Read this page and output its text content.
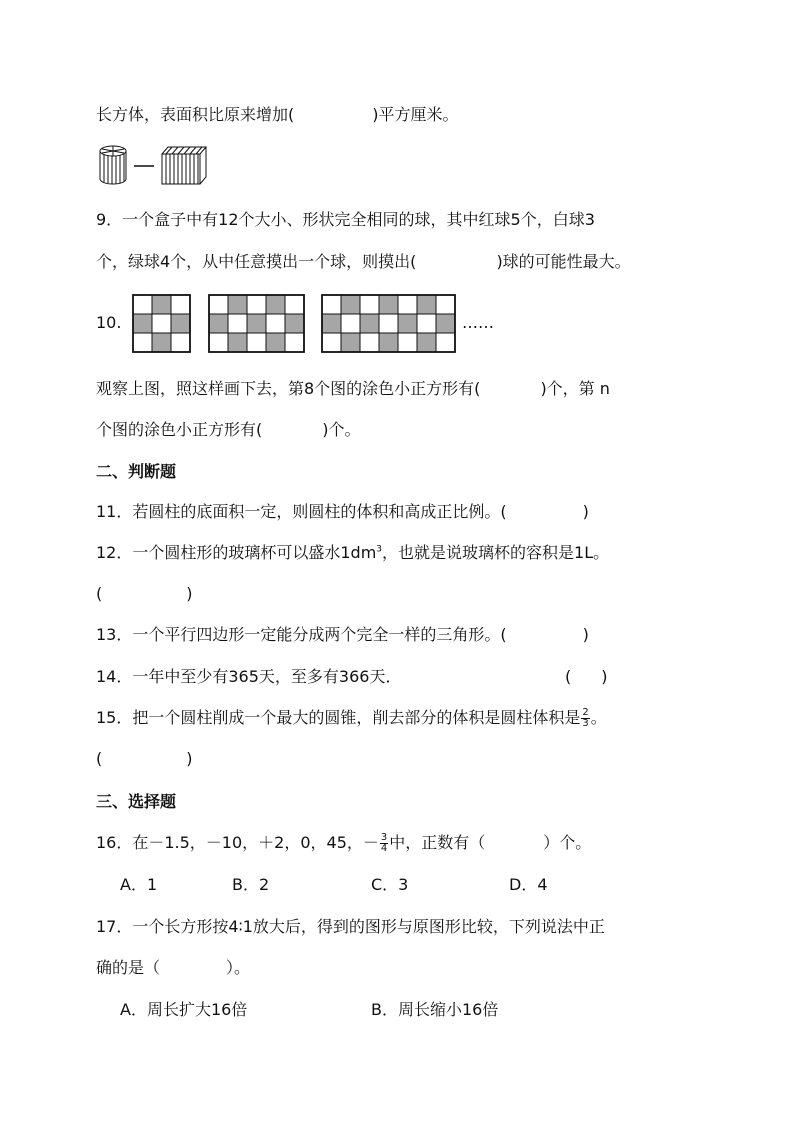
长方体，表面积比原来增加(	)平方厘米。
9．一个盒子中有12个大小、形状完全相同的球，其中红球5个，白球3
个，绿球4个，从中任意摸出一个球，则摸出(	)球的可能性最大。
10.	……
观察上图，照这样画下去，第8个图的涂色小正方形有(	)个，第 n
个图的涂色小正方形有(	)个。
二、判断题
11．若圆柱的底面积一定，则圆柱的体积和高成正比例。(	)
12．一个圆柱形的玻璃杯可以盛水$1dm^3$，也就是说玻璃杯的容积是1L。
(	)
13．一个平行四边形一定能分成两个完全一样的三角形。(	)
14．一年中至少有365天，至多有366天．	( )
15．把一个圆柱削成一个最大的圆锥，削去部分的体积是圆柱体积是 $\frac{2}{3}$ 。
(	)
三、选择题
16．在－1.5，－10，＋2，0，45，－ $\frac{3}{4}$ 中，正数有（	）个。
A．1	B．2	C．3	D．4
17．一个长方形按4∶1放大后，得到的图形与原图形比较，下列说法中正
确的是（	）。
A．周长扩大16倍	B．周长缩小16倍
